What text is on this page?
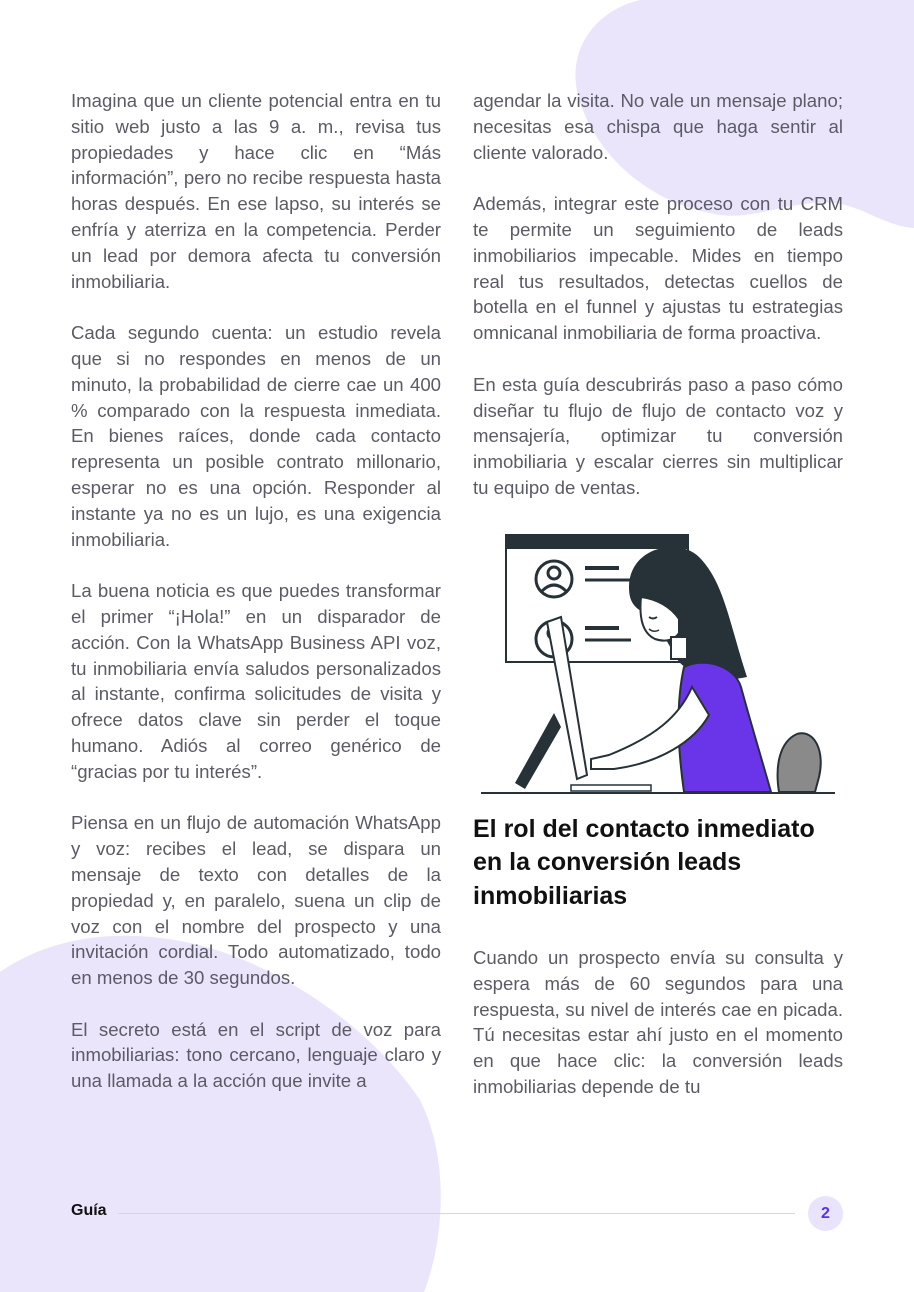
Imagina que un cliente potencial entra en tu sitio web justo a las 9 a. m., revisa tus propiedades y hace clic en “Más información”, pero no recibe respuesta hasta horas después. En ese lapso, su interés se enfría y aterriza en la competencia. Perder un lead por demora afecta tu conversión inmobiliaria.

Cada segundo cuenta: un estudio revela que si no respondes en menos de un minuto, la probabilidad de cierre cae un 400 % comparado con la respuesta inmediata. En bienes raíces, donde cada contacto representa un posible contrato millonario, esperar no es una opción. Responder al instante ya no es un lujo, es una exigencia inmobiliaria.

La buena noticia es que puedes transformar el primer “¡Hola!” en un disparador de acción. Con la WhatsApp Business API voz, tu inmobiliaria envía saludos personalizados al instante, confirma solicitudes de visita y ofrece datos clave sin perder el toque humano. Adiós al correo genérico de “gracias por tu interés”.

Piensa en un flujo de automación WhatsApp y voz: recibes el lead, se dispara un mensaje de texto con detalles de la propiedad y, en paralelo, suena un clip de voz con el nombre del prospecto y una invitación cordial. Todo automatizado, todo en menos de 30 segundos.

El secreto está en el script de voz para inmobiliarias: tono cercano, lenguaje claro y una llamada a la acción que invite a

agendar la visita. No vale un mensaje plano; necesitas esa chispa que haga sentir al cliente valorado.

Además, integrar este proceso con tu CRM te permite un seguimiento de leads inmobiliarios impecable. Mides en tiempo real tus resultados, detectas cuellos de botella en el funnel y ajustas tu estrategias omnicanal inmobiliaria de forma proactiva.

En esta guía descubrirás paso a paso cómo diseñar tu flujo de flujo de contacto voz y mensajería, optimizar tu conversión inmobiliaria y escalar cierres sin multiplicar tu equipo de ventas.

El rol del contacto inmediato en la conversión leads inmobiliarias

Cuando un prospecto envía su consulta y espera más de 60 segundos para una respuesta, su nivel de interés cae en picada. Tú necesitas estar ahí justo en el momento en que hace clic: la conversión leads inmobiliarias depende de tu

Guía	2
